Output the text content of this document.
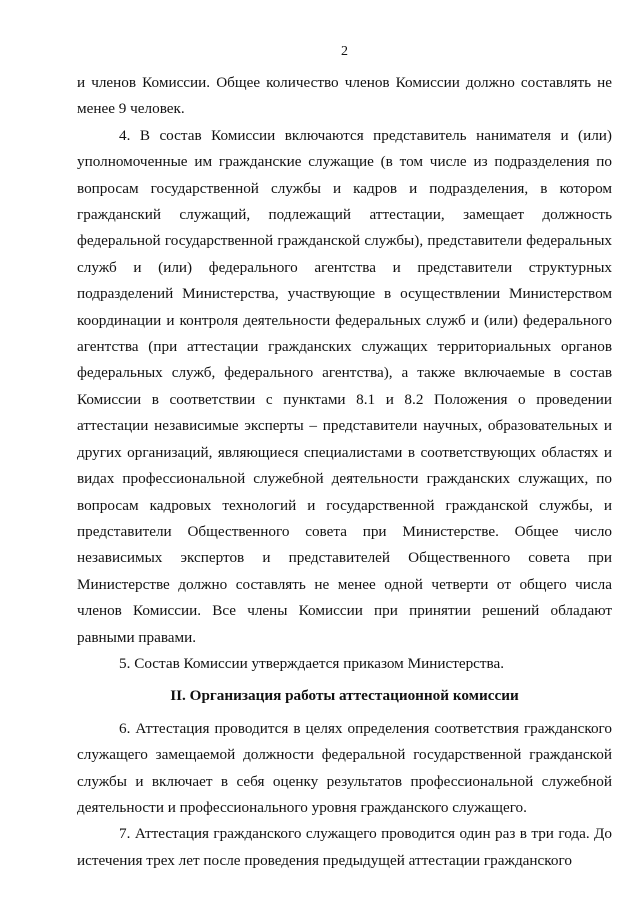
2

и членов Комиссии. Общее количество членов Комиссии должно составлять не менее 9 человек.

4. В состав Комиссии включаются представитель нанимателя и (или) уполномоченные им гражданские служащие (в том числе из подразделения по вопросам государственной службы и кадров и подразделения, в котором гражданский служащий, подлежащий аттестации, замещает должность федеральной государственной гражданской службы), представители федеральных служб и (или) федерального агентства и представители структурных подразделений Министерства, участвующие в осуществлении Министерством координации и контроля деятельности федеральных служб и (или) федерального агентства (при аттестации гражданских служащих территориальных органов федеральных служб, федерального агентства), а также включаемые в состав Комиссии в соответствии с пунктами 8.1 и 8.2 Положения о проведении аттестации независимые эксперты – представители научных, образовательных и других организаций, являющиеся специалистами в соответствующих областях и видах профессиональной служебной деятельности гражданских служащих, по вопросам кадровых технологий и государственной гражданской службы, и представители Общественного совета при Министерстве. Общее число независимых экспертов и представителей Общественного совета при Министерстве должно составлять не менее одной четверти от общего числа членов Комиссии. Все члены Комиссии при принятии решений обладают равными правами.

5. Состав Комиссии утверждается приказом Министерства.

II. Организация работы аттестационной комиссии

6. Аттестация проводится в целях определения соответствия гражданского служащего замещаемой должности федеральной государственной гражданской службы и включает в себя оценку результатов профессиональной служебной деятельности и профессионального уровня гражданского служащего.

7. Аттестация гражданского служащего проводится один раз в три года. До истечения трех лет после проведения предыдущей аттестации гражданского
